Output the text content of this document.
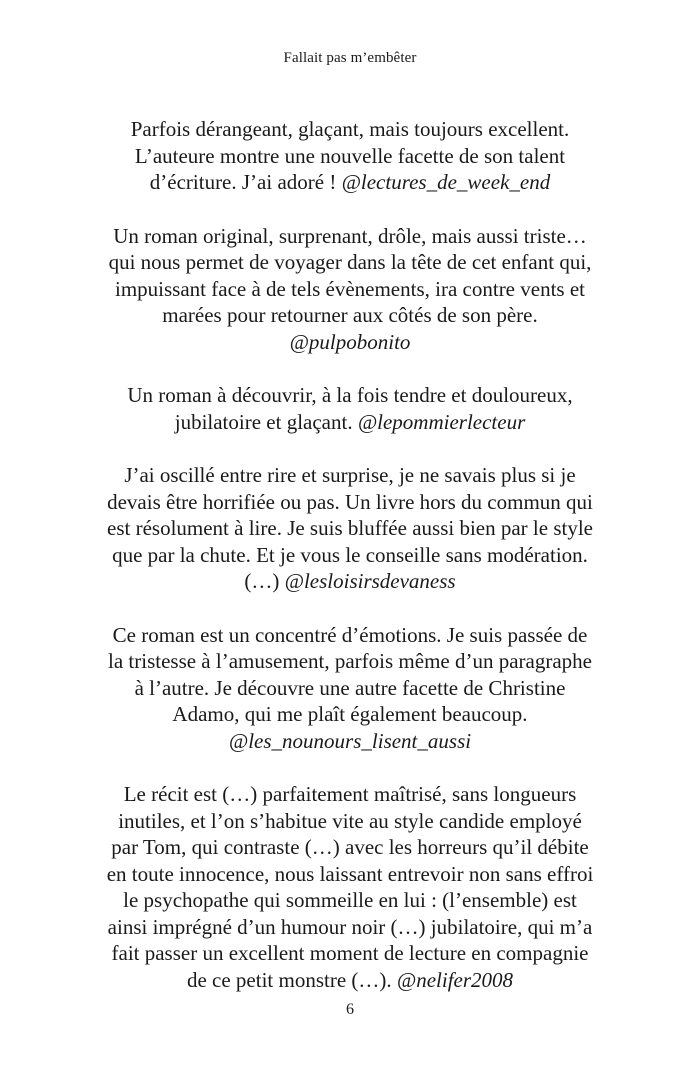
Fallait pas m’embêter
Parfois dérangeant, glaçant, mais toujours excellent.
L’auteure montre une nouvelle facette de son talent
d’écriture. J’ai adoré ! @lectures_de_week_end
Un roman original, surprenant, drôle, mais aussi triste…
qui nous permet de voyager dans la tête de cet enfant qui,
impuissant face à de tels évènements, ira contre vents et
marées pour retourner aux côtés de son père.
@pulpobonito
Un roman à découvrir, à la fois tendre et douloureux,
jubilatoire et glaçant. @lepommierlecteur
J’ai oscillé entre rire et surprise, je ne savais plus si je
devais être horrifiée ou pas. Un livre hors du commun qui
est résolument à lire. Je suis bluffée aussi bien par le style
que par la chute. Et je vous le conseille sans modération.
(…) @lesloisirsdevaness
Ce roman est un concentré d’émotions. Je suis passée de
la tristesse à l’amusement, parfois même d’un paragraphe
à l’autre. Je découvre une autre facette de Christine
Adamo, qui me plaît également beaucoup.
@les_nounours_lisent_aussi
Le récit est (…) parfaitement maîtrisé, sans longueurs
inutiles, et l’on s’habitue vite au style candide employé
par Tom, qui contraste (…) avec les horreurs qu’il débite
en toute innocence, nous laissant entrevoir non sans effroi
le psychopathe qui sommeille en lui : (l’ensemble) est
ainsi imprégné d’un humour noir (…) jubilatoire, qui m’a
fait passer un excellent moment de lecture en compagnie
de ce petit monstre (…). @nelifer2008
6
